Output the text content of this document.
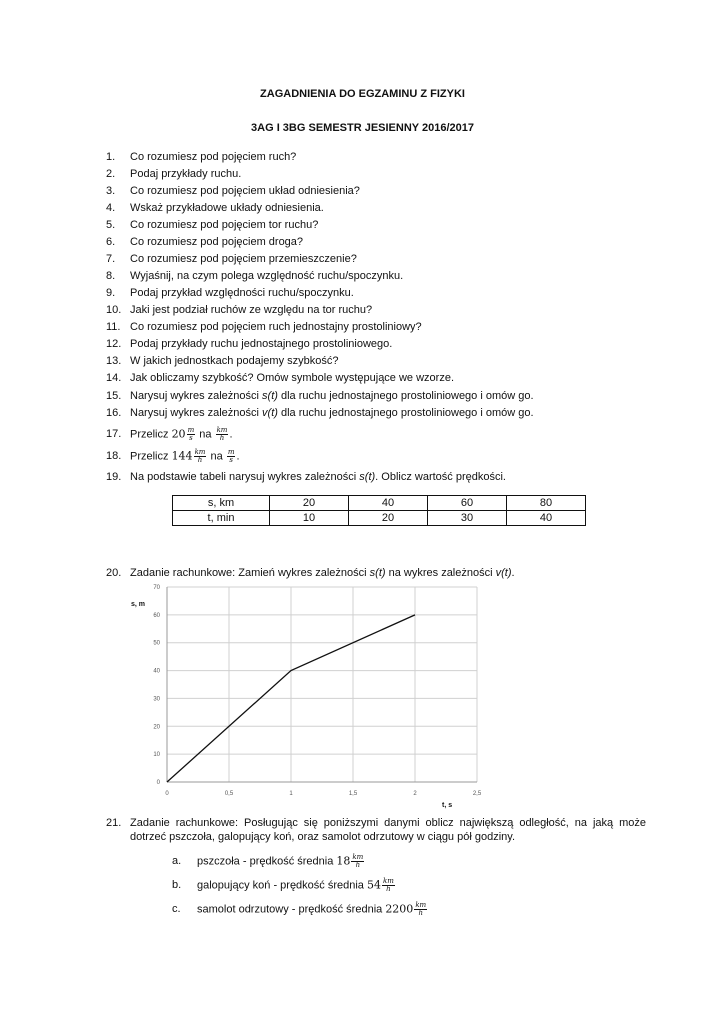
ZAGADNIENIA DO EGZAMINU Z FIZYKI
3AG I 3BG SEMESTR JESIENNY 2016/2017
1. Co rozumiesz pod pojęciem ruch?
2. Podaj przykłady ruchu.
3. Co rozumiesz pod pojęciem układ odniesienia?
4. Wskaż przykładowe układy odniesienia.
5. Co rozumiesz pod pojęciem tor ruchu?
6. Co rozumiesz pod pojęciem droga?
7. Co rozumiesz pod pojęciem przemieszczenie?
8. Wyjaśnij, na czym polega względność ruchu/spoczynku.
9. Podaj przykład względności ruchu/spoczynku.
10. Jaki jest podział ruchów ze względu na tor ruchu?
11. Co rozumiesz pod pojęciem ruch jednostajny prostoliniowy?
12. Podaj przykłady ruchu jednostajnego prostoliniowego.
13. W jakich jednostkach podajemy szybkość?
14. Jak obliczamy szybkość? Omów symbole występujące we wzorze.
15. Narysuj wykres zależności s(t) dla ruchu jednostajnego prostoliniowego i omów go.
16. Narysuj wykres zależności v(t) dla ruchu jednostajnego prostoliniowego i omów go.
17. Przelicz $20 \frac{m}{s}$ na $\frac{km}{h}$ .
18. Przelicz $144 \frac{km}{h}$ na $\frac{m}{s}$ .
19. Na podstawie tabeli narysuj wykres zależności s(t). Oblicz wartość prędkości.
s, km	20	40	60	80
t, min	10	20	30	40
20. Zadanie rachunkowe: Zamień wykres zależności s(t) na wykres zależności v(t).
0
10
20
30
40
50
60
70
0	0,5	1	1,5	2	2,5
s, m
t, s
21. Zadanie rachunkowe: Posługując się poniższymi danymi oblicz największą odległość, na jaką może dotrzeć pszczoła, galopujący koń, oraz samolot odrzutowy w ciągu pół godziny.
a. pszczoła - prędkość średnia $18 \frac{km}{h}$
b. galopujący koń - prędkość średnia $54 \frac{km}{h}$
c. samolot odrzutowy - prędkość średnia $2200 \frac{km}{h}$
